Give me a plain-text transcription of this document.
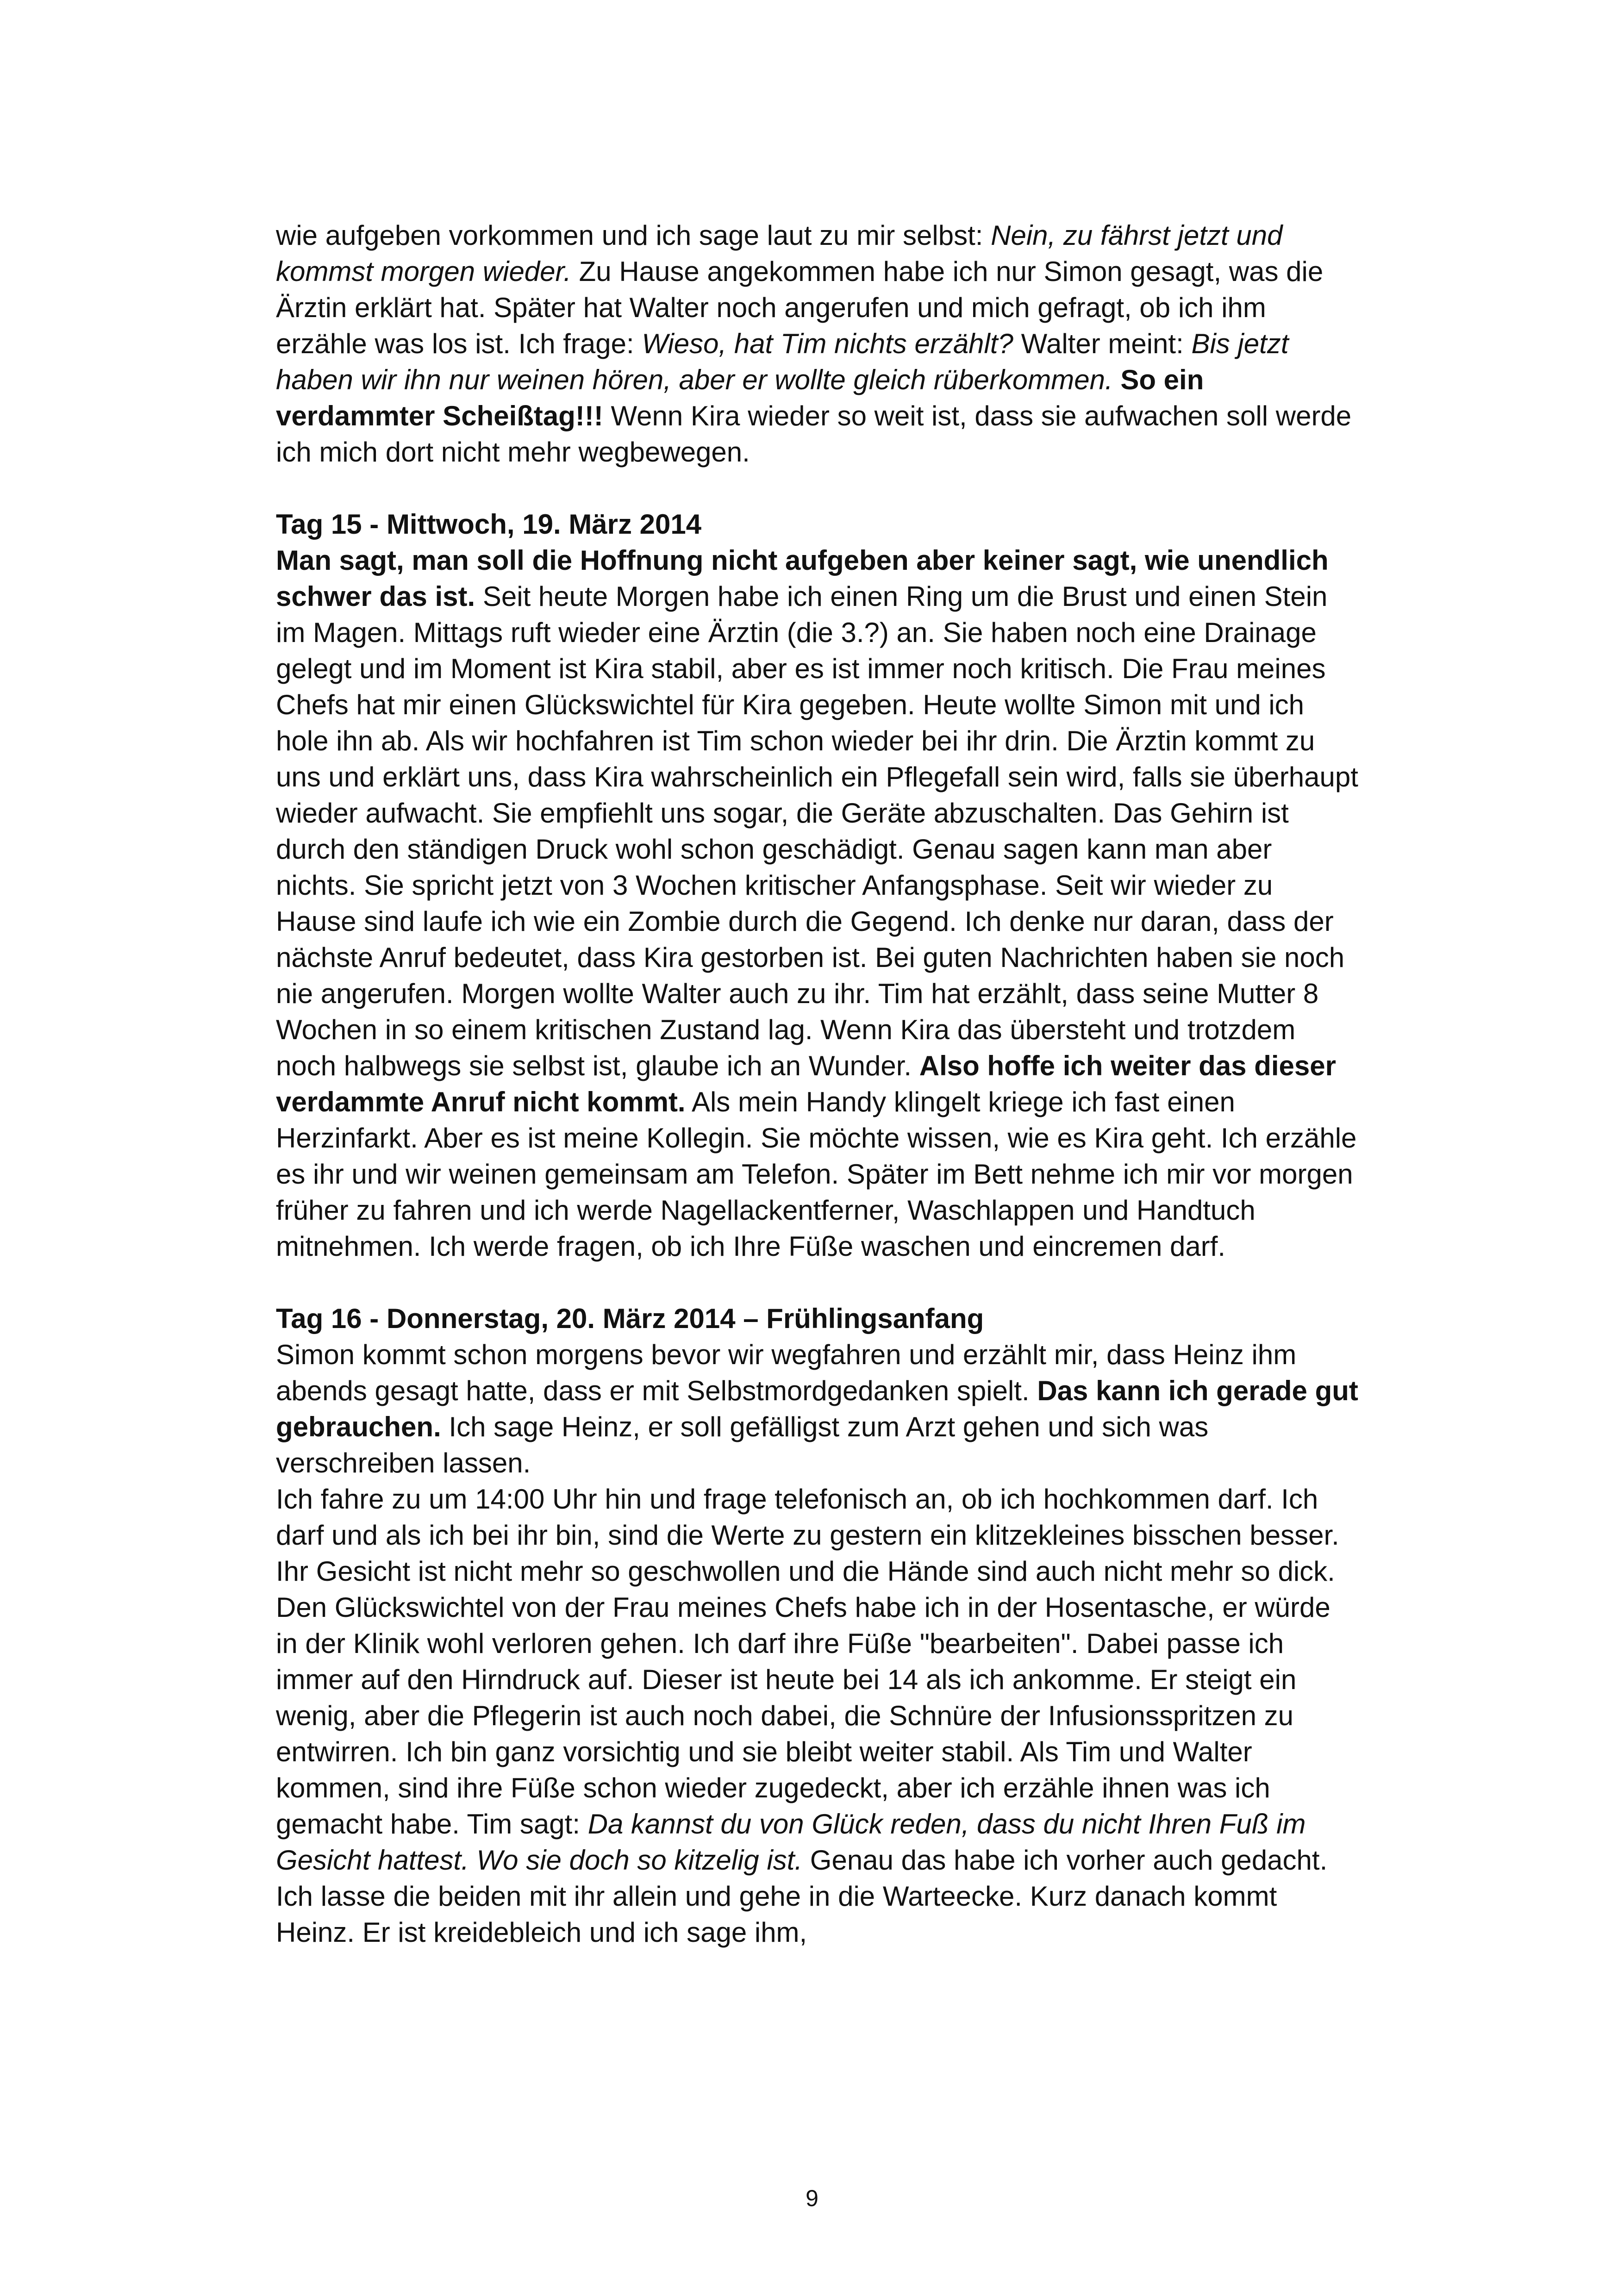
wie aufgeben vorkommen und ich sage laut zu mir selbst: Nein, zu fährst jetzt und kommst morgen wieder. Zu Hause angekommen habe ich nur Simon gesagt, was die Ärztin erklärt hat. Später hat Walter noch angerufen und mich gefragt, ob ich ihm erzähle was los ist. Ich frage: Wieso, hat Tim nichts erzählt? Walter meint: Bis jetzt haben wir ihn nur weinen hören, aber er wollte gleich rüberkommen. So ein verdammter Scheißtag!!! Wenn Kira wieder so weit ist, dass sie aufwachen soll werde ich mich dort nicht mehr wegbewegen.

Tag 15 - Mittwoch, 19. März 2014

Man sagt, man soll die Hoffnung nicht aufgeben aber keiner sagt, wie unendlich schwer das ist. Seit heute Morgen habe ich einen Ring um die Brust und einen Stein im Magen. Mittags ruft wieder eine Ärztin (die 3.?) an. Sie haben noch eine Drainage gelegt und im Moment ist Kira stabil, aber es ist immer noch kritisch. Die Frau meines Chefs hat mir einen Glückswichtel für Kira gegeben. Heute wollte Simon mit und ich hole ihn ab. Als wir hochfahren ist Tim schon wieder bei ihr drin. Die Ärztin kommt zu uns und erklärt uns, dass Kira wahrscheinlich ein Pflegefall sein wird, falls sie überhaupt wieder aufwacht. Sie empfiehlt uns sogar, die Geräte abzuschalten. Das Gehirn ist durch den ständigen Druck wohl schon geschädigt. Genau sagen kann man aber nichts. Sie spricht jetzt von 3 Wochen kritischer Anfangsphase. Seit wir wieder zu Hause sind laufe ich wie ein Zombie durch die Gegend. Ich denke nur daran, dass der nächste Anruf bedeutet, dass Kira gestorben ist. Bei guten Nachrichten haben sie noch nie angerufen. Morgen wollte Walter auch zu ihr. Tim hat erzählt, dass seine Mutter 8 Wochen in so einem kritischen Zustand lag. Wenn Kira das übersteht und trotzdem noch halbwegs sie selbst ist, glaube ich an Wunder. Also hoffe ich weiter das dieser verdammte Anruf nicht kommt. Als mein Handy klingelt kriege ich fast einen Herzinfarkt. Aber es ist meine Kollegin. Sie möchte wissen, wie es Kira geht. Ich erzähle es ihr und wir weinen gemeinsam am Telefon. Später im Bett nehme ich mir vor morgen früher zu fahren und ich werde Nagellackentferner, Waschlappen und Handtuch mitnehmen. Ich werde fragen, ob ich Ihre Füße waschen und eincremen darf.

Tag 16 - Donnerstag, 20. März 2014 – Frühlingsanfang

Simon kommt schon morgens bevor wir wegfahren und erzählt mir, dass Heinz ihm abends gesagt hatte, dass er mit Selbstmordgedanken spielt. Das kann ich gerade gut gebrauchen. Ich sage Heinz, er soll gefälligst zum Arzt gehen und sich was verschreiben lassen.

Ich fahre zu um 14:00 Uhr hin und frage telefonisch an, ob ich hochkommen darf. Ich darf und als ich bei ihr bin, sind die Werte zu gestern ein klitzekleines bisschen besser. Ihr Gesicht ist nicht mehr so geschwollen und die Hände sind auch nicht mehr so dick. Den Glückswichtel von der Frau meines Chefs habe ich in der Hosentasche, er würde in der Klinik wohl verloren gehen. Ich darf ihre Füße "bearbeiten". Dabei passe ich immer auf den Hirndruck auf. Dieser ist heute bei 14 als ich ankomme. Er steigt ein wenig, aber die Pflegerin ist auch noch dabei, die Schnüre der Infusionsspritzen zu entwirren. Ich bin ganz vorsichtig und sie bleibt weiter stabil. Als Tim und Walter kommen, sind ihre Füße schon wieder zugedeckt, aber ich erzähle ihnen was ich gemacht habe. Tim sagt: Da kannst du von Glück reden, dass du nicht Ihren Fuß im Gesicht hattest. Wo sie doch so kitzelig ist. Genau das habe ich vorher auch gedacht. Ich lasse die beiden mit ihr allein und gehe in die Warteecke. Kurz danach kommt Heinz. Er ist kreidebleich und ich sage ihm,

9
